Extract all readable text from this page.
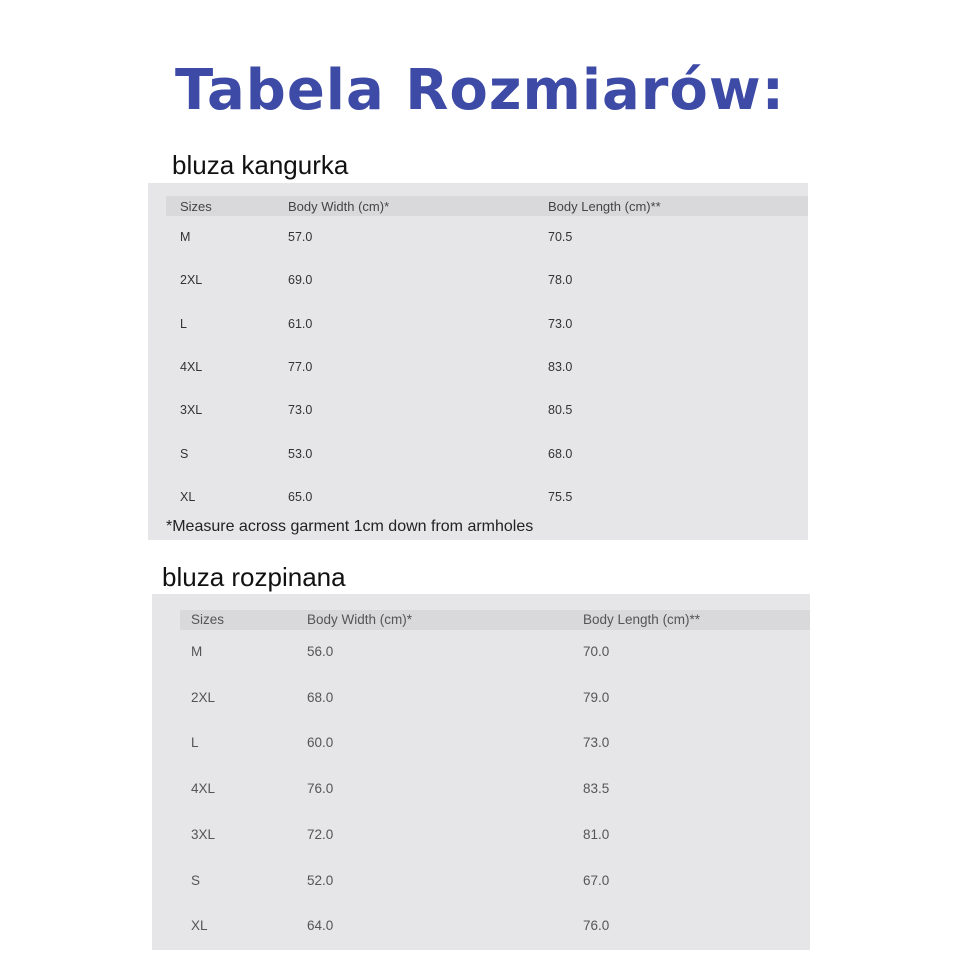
Tabela Rozmiarów:
bluza kangurka
Sizes	Body Width (cm)*	Body Length (cm)**
M	57.0	70.5
2XL	69.0	78.0
L	61.0	73.0
4XL	77.0	83.0
3XL	73.0	80.5
S	53.0	68.0
XL	65.0	75.5
*Measure across garment 1cm down from armholes
bluza rozpinana
Sizes	Body Width (cm)*	Body Length (cm)**
M	56.0	70.0
2XL	68.0	79.0
L	60.0	73.0
4XL	76.0	83.5
3XL	72.0	81.0
S	52.0	67.0
XL	64.0	76.0
